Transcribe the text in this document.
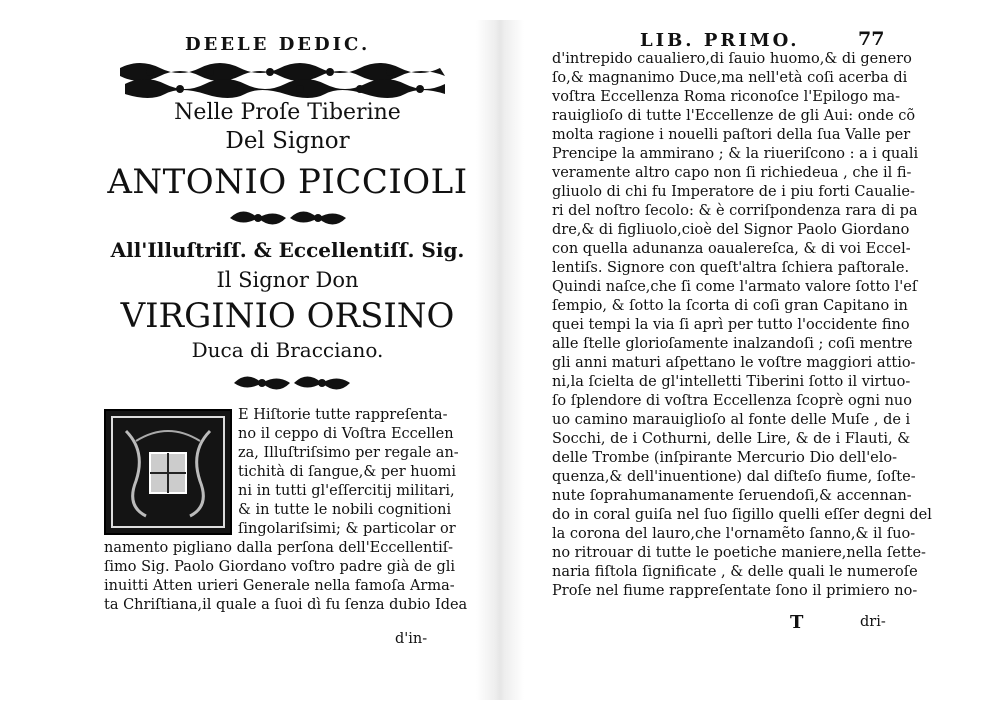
DEELE DEDIC.
Nelle Proſe Tiberine
Del Signor
ANTONIO PICCIOLI
All'Illuſtriſſ. & Eccellentiſſ. Sig.
Il Signor Don
VIRGINIO ORSINO
Duca di Bracciano.
E Hiſtorie tutte rappreſenta-
no il ceppo di Voſtra Eccellen
za, Illuſtriſsimo per regale an-
tichità di ſangue,& per huomi
ni in tutti gl'eſſercitij militari,
& in tutte le nobili cognitioni
ſingolariſsimi; & particolar or
namento pigliano dalla perſona dell'Eccellentiſ-
ſimo Sig. Paolo Giordano voſtro padre già de gli
inuitti Atten urieri Generale nella famoſa Arma-
ta Chriſtiana,il quale a ſuoi dì fu ſenza dubio Idea
d'in-
LIB. PRIMO.	77
d'intrepido caualiero,di ſauio huomo,& di genero
ſo,& magnanimo Duce,ma nell'età coſi acerba di
voſtra Eccellenza Roma riconoſce l'Epilogo ma-
rauiglioſo di tutte l'Eccellenze de gli Aui: onde cõ
molta ragione i nouelli paſtori della ſua Valle per
Prencipe la ammirano ; & la riueriſcono : a i quali
veramente altro capo non ſi richiedeua , che il fi-
gliuolo di chi fu Imperatore de i piu forti Caualie-
ri del noſtro ſecolo: & è corriſpondenza rara di pa
dre,& di figliuolo,cioè del Signor Paolo Giordano
con quella adunanza oaualereſca, & di voi Eccel-
lentiſs. Signore con queſt'altra ſchiera paſtorale.
Quindi naſce,che ſi come l'armato valore ſotto l'eſ
ſempio, & ſotto la ſcorta di coſi gran Capitano in
quei tempi la via ſi aprì per tutto l'occidente fino
alle ſtelle glorioſamente inalzandoſi ; coſi mentre
gli anni maturi aſpettano le voſtre maggiori attio-
ni,la ſcielta de gl'intelletti Tiberini ſotto il virtuo-
ſo ſplendore di voſtra Eccellenza ſcoprè ogni nuo
uo camino marauiglioſo al fonte delle Muſe , de i
Socchi, de i Cothurni, delle Lire, & de i Flauti, &
delle Trombe (inſpirante Mercurio Dio dell'elo-
quenza,& dell'inuentione) dal diſteſo fiume, ſoſte-
nute ſoprahumanamente ſeruendoſi,& accennan-
do in coral guiſa nel ſuo ſigillo quelli eſſer degni del
la corona del lauro,che l'ornamẽto ſanno,& il ſuo-
no ritrouar di tutte le poetiche maniere,nella ſette-
naria fiſtola ſignificate , & delle quali le numeroſe
Proſe nel fiume rappreſentate ſono il primiero no-
T	dri-
